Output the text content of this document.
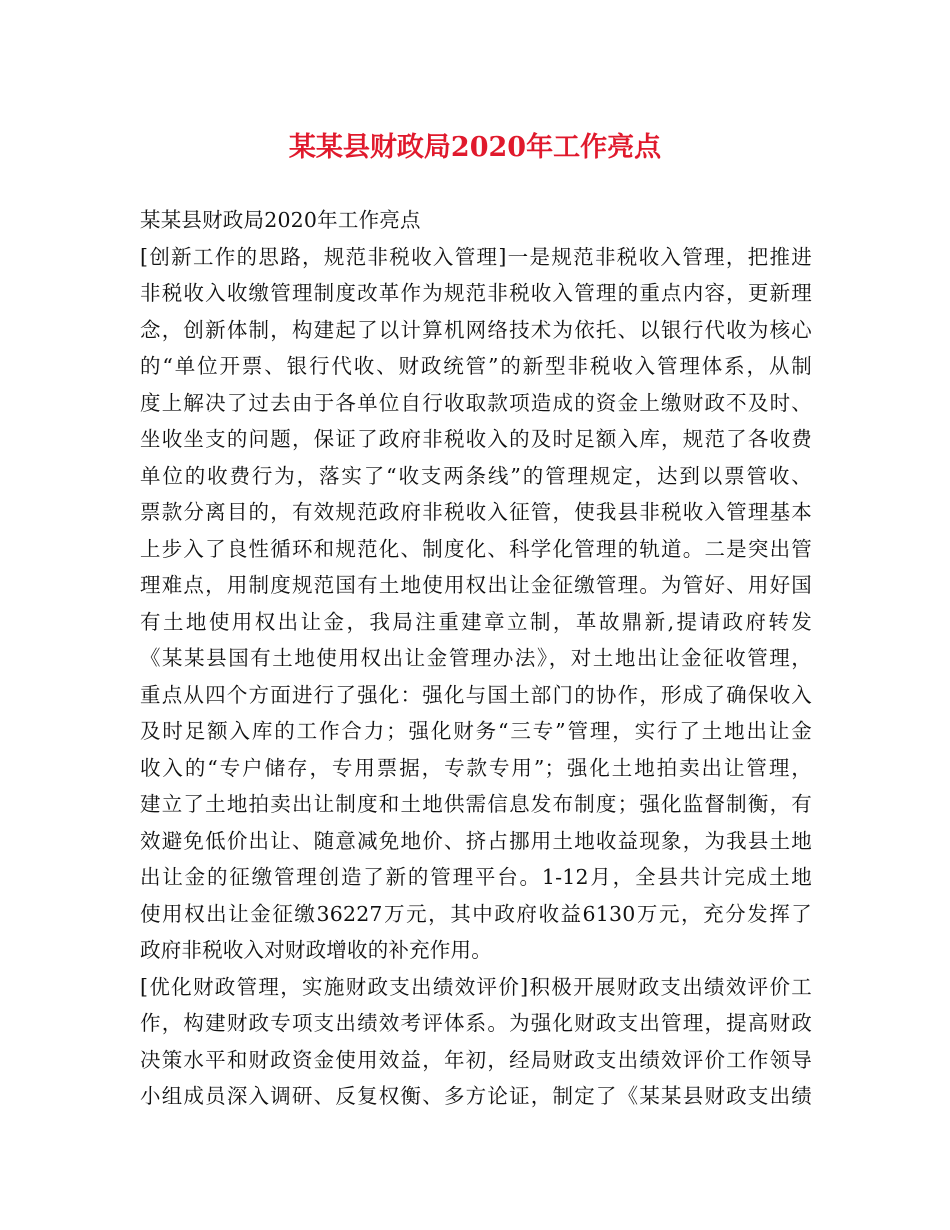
某某县财政局2020年工作亮点
某某县财政局2020年工作亮点
[创新工作的思路，规范非税收入管理]一是规范非税收入管理，把推进
非税收入收缴管理制度改革作为规范非税收入管理的重点内容，更新理
念，创新体制，构建起了以计算机网络技术为依托、以银行代收为核心
的“单位开票、银行代收、财政统管”的新型非税收入管理体系，从制
度上解决了过去由于各单位自行收取款项造成的资金上缴财政不及时、
坐收坐支的问题，保证了政府非税收入的及时足额入库，规范了各收费
单位的收费行为，落实了“收支两条线”的管理规定，达到以票管收、
票款分离目的，有效规范政府非税收入征管，使我县非税收入管理基本
上步入了良性循环和规范化、制度化、科学化管理的轨道。二是突出管
理难点，用制度规范国有土地使用权出让金征缴管理。为管好、用好国
有土地使用权出让金，我局注重建章立制，革故鼎新,提请政府转发
《某某县国有土地使用权出让金管理办法》，对土地出让金征收管理，
重点从四个方面进行了强化：强化与国土部门的协作，形成了确保收入
及时足额入库的工作合力；强化财务“三专”管理，实行了土地出让金
收入的“专户储存，专用票据，专款专用”；强化土地拍卖出让管理，
建立了土地拍卖出让制度和土地供需信息发布制度；强化监督制衡，有
效避免低价出让、随意减免地价、挤占挪用土地收益现象，为我县土地
出让金的征缴管理创造了新的管理平台。1-12月，全县共计完成土地
使用权出让金征缴36227万元，其中政府收益6130万元，充分发挥了
政府非税收入对财政增收的补充作用。
[优化财政管理，实施财政支出绩效评价]积极开展财政支出绩效评价工
作，构建财政专项支出绩效考评体系。为强化财政支出管理，提高财政
决策水平和财政资金使用效益，年初，经局财政支出绩效评价工作领导
小组成员深入调研、反复权衡、多方论证，制定了《某某县财政支出绩
